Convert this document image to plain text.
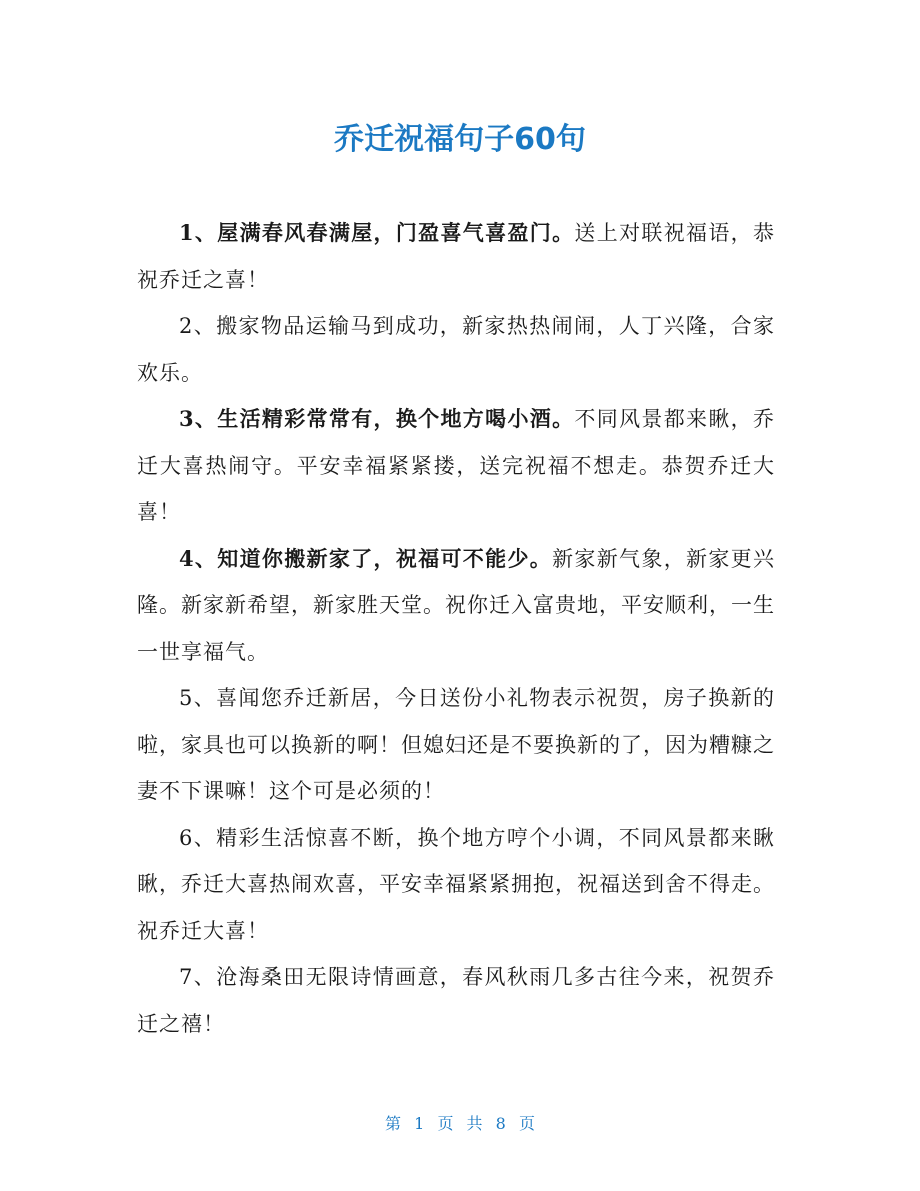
乔迁祝福句子60句

1、屋满春风春满屋，门盈喜气喜盈门。送上对联祝福语，恭祝乔迁之喜！

2、搬家物品运输马到成功，新家热热闹闹，人丁兴隆，合家欢乐。

3、生活精彩常常有，换个地方喝小酒。不同风景都来瞅，乔迁大喜热闹守。平安幸福紧紧搂，送完祝福不想走。恭贺乔迁大喜！

4、知道你搬新家了，祝福可不能少。新家新气象，新家更兴隆。新家新希望，新家胜天堂。祝你迁入富贵地，平安顺利，一生一世享福气。

5、喜闻您乔迁新居，今日送份小礼物表示祝贺，房子换新的啦，家具也可以换新的啊！但媳妇还是不要换新的了，因为糟糠之妻不下课嘛！这个可是必须的！

6、精彩生活惊喜不断，换个地方哼个小调，不同风景都来瞅瞅，乔迁大喜热闹欢喜，平安幸福紧紧拥抱，祝福送到舍不得走。祝乔迁大喜！

7、沧海桑田无限诗情画意，春风秋雨几多古往今来，祝贺乔迁之禧！

第 1 页 共 8 页
